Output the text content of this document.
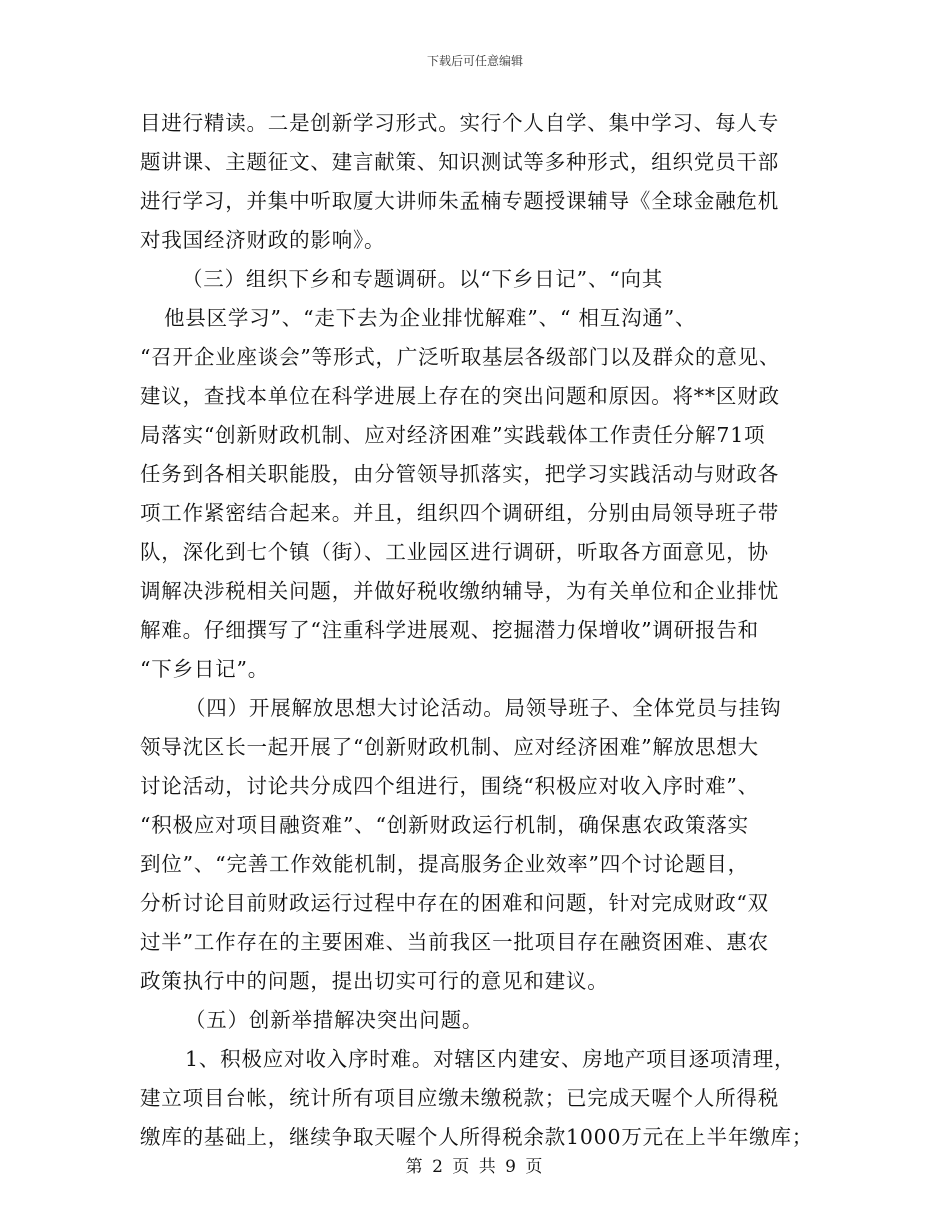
下载后可任意编辑
目进行精读。二是创新学习形式。实行个人自学、集中学习、每人专
题讲课、主题征文、建言献策、知识测试等多种形式，组织党员干部
进行学习，并集中听取厦大讲师朱孟楠专题授课辅导《全球金融危机
对我国经济财政的影响》。
（三）组织下乡和专题调研。以“下乡日记”、“向其
他县区学习”、“走下去为企业排忧解难”、“ 相互沟通”、
“召开企业座谈会”等形式，广泛听取基层各级部门以及群众的意见、
建议，查找本单位在科学进展上存在的突出问题和原因。将**区财政
局落实“创新财政机制、应对经济困难”实践载体工作责任分解71项
任务到各相关职能股，由分管领导抓落实，把学习实践活动与财政各
项工作紧密结合起来。并且，组织四个调研组，分别由局领导班子带
队，深化到七个镇（街）、工业园区进行调研，听取各方面意见，协
调解决涉税相关问题，并做好税收缴纳辅导，为有关单位和企业排忧
解难。仔细撰写了“注重科学进展观、挖掘潜力保增收”调研报告和
“下乡日记”。
（四）开展解放思想大讨论活动。局领导班子、全体党员与挂钩
领导沈区长一起开展了“创新财政机制、应对经济困难”解放思想大
讨论活动，讨论共分成四个组进行，围绕“积极应对收入序时难”、
“积极应对项目融资难”、“创新财政运行机制，确保惠农政策落实
到位”、“完善工作效能机制，提高服务企业效率”四个讨论题目，
分析讨论目前财政运行过程中存在的困难和问题，针对完成财政“双
过半”工作存在的主要困难、当前我区一批项目存在融资困难、惠农
政策执行中的问题，提出切实可行的意见和建议。
（五）创新举措解决突出问题。
1、积极应对收入序时难。对辖区内建安、房地产项目逐项清理，
建立项目台帐，统计所有项目应缴未缴税款；已完成天喔个人所得税
缴库的基础上，继续争取天喔个人所得税余款1000万元在上半年缴库；
第 2 页 共 9 页
